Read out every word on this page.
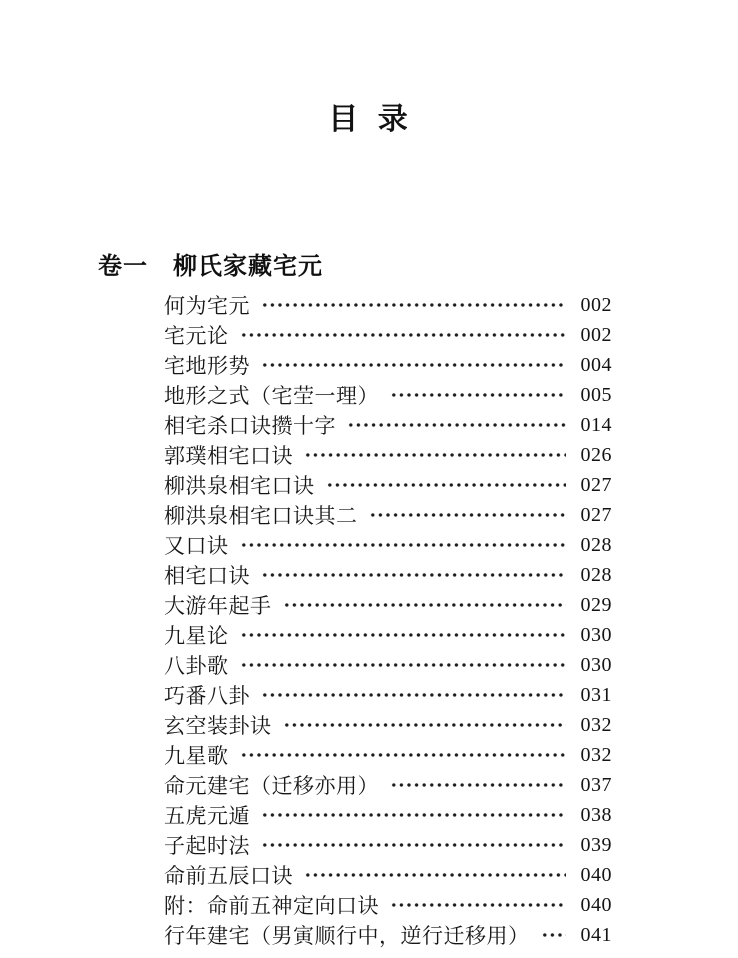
目 录
卷一 柳氏家藏宅元
何为宅元	002
宅元论	002
宅地形势	004
地形之式（宅茔一理）	005
相宅杀口诀攒十字	014
郭璞相宅口诀	026
柳洪泉相宅口诀	027
柳洪泉相宅口诀其二	027
又口诀	028
相宅口诀	028
大游年起手	029
九星论	030
八卦歌	030
巧番八卦	031
玄空装卦诀	032
九星歌	032
命元建宅（迁移亦用）	037
五虎元遁	038
子起时法	039
命前五辰口诀	040
附：命前五神定向口诀	040
行年建宅（男寅顺行中，逆行迁移用）	041
